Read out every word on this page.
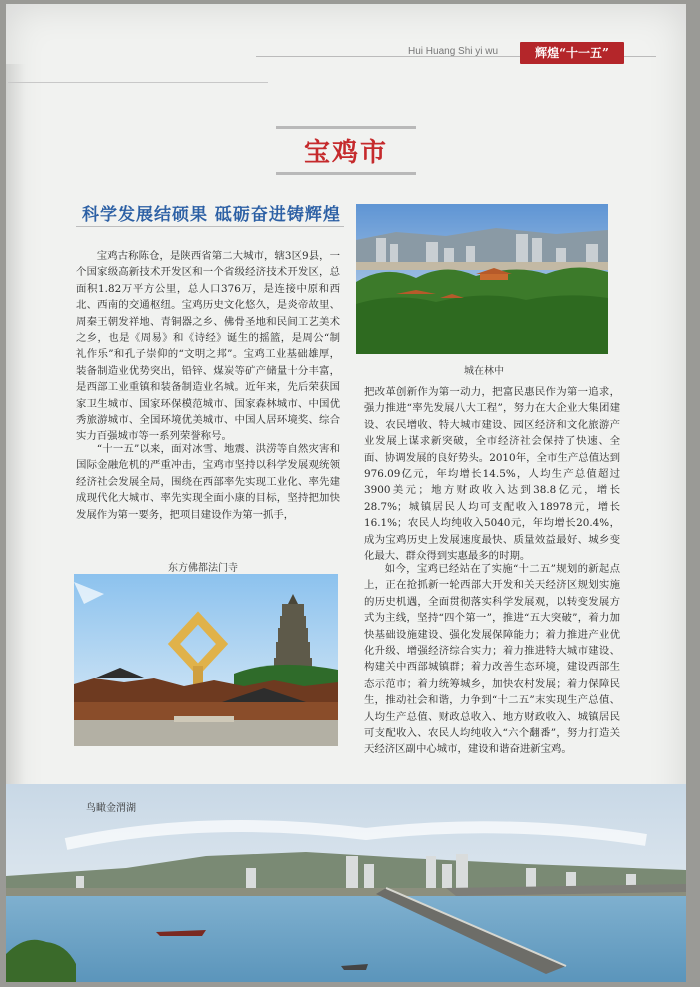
Hui Huang Shi yi wu	辉煌“十一五”
宝鸡市
科学发展结硕果 砥砺奋进铸辉煌
宝鸡古称陈仓，是陕西省第二大城市，辖3区9县，一个国家级高新技术开发区和一个省级经济技术开发区，总面积1.82万平方公里，总人口376万，是连接中原和西北、西南的交通枢纽。宝鸡历史文化悠久，是炎帝故里、周秦王朝发祥地、青铜器之乡、佛骨圣地和民间工艺美术之乡，也是《周易》和《诗经》诞生的摇篮，是周公“制礼作乐”和孔子崇仰的“文明之邦”。宝鸡工业基础雄厚，装备制造业优势突出，铅锌、煤炭等矿产储量十分丰富，是西部工业重镇和装备制造业名城。近年来，先后荣获国家卫生城市、国家环保模范城市、国家森林城市、中国优秀旅游城市、全国环境优美城市、中国人居环境奖、综合实力百强城市等一系列荣誉称号。
“十一五”以来，面对冰雪、地震、洪涝等自然灾害和国际金融危机的严重冲击，宝鸡市坚持以科学发展观统领经济社会发展全局，围绕在西部率先实现工业化、率先建成现代化大城市、率先实现全面小康的目标，坚持把加快发展作为第一要务，把项目建设作为第一抓手，
把改革创新作为第一动力，把富民惠民作为第一追求，强力推进“率先发展八大工程”，努力在大企业大集团建设、农民增收、特大城市建设、园区经济和文化旅游产业发展上谋求新突破，全市经济社会保持了快速、全面、协调发展的良好势头。2010年，全市生产总值达到976.09亿元，年均增长14.5%，人均生产总值超过3900美元；地方财政收入达到38.8亿元，增长28.7%；城镇居民人均可支配收入18978元，增长16.1%；农民人均纯收入5040元，年均增长20.4%，成为宝鸡历史上发展速度最快、质量效益最好、城乡变化最大、群众得到实惠最多的时期。
如今，宝鸡已经站在了实施“十二五”规划的新起点上，正在抢抓新一轮西部大开发和关天经济区规划实施的历史机遇，全面贯彻落实科学发展观，以转变发展方式为主线，坚持“四个第一”，推进“五大突破”，着力加快基础设施建设、强化发展保障能力；着力推进产业优化升级、增强经济综合实力；着力推进特大城市建设、构建关中西部城镇群；着力改善生态环境，建设西部生态示范市；着力统筹城乡，加快农村发展；着力保障民生，推动社会和谐，力争到“十二五”末实现生产总值、人均生产总值、财政总收入、地方财政收入、城镇居民可支配收入、农民人均纯收入“六个翻番”，努力打造关天经济区副中心城市，建设和谐奋进新宝鸡。
城在林中
东方佛都法门寺
鸟瞰金渭湖
